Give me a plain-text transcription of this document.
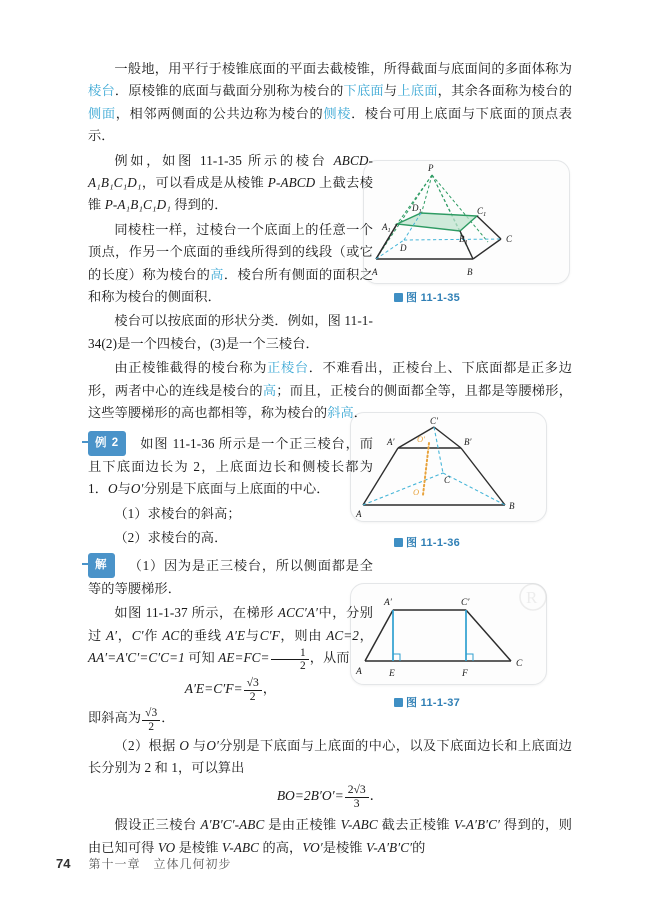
P
A	B
C
D
$A_1$
$B_1$
$C_1$
$D_1$
图 11-1-35
A
B
C
A′	B′
C′
O′
O
图 11-1-36
A
C
A′	C′
E	F
图 11-1-37
R

一般地，用平行于棱锥底面的平面去截棱锥，所得截面与底面间的多面体称为棱台．原棱锥的底面与截面分别称为棱台的下底面与上底面，其余各面称为棱台的侧面，相邻两侧面的公共边称为棱台的侧棱．棱台可用上底面与下底面的顶点表示．

例如，如图 11-1-35 所示的棱台 ABCD-A₁B₁C₁D₁，可以看成是从棱锥 P-ABCD 上截去棱锥 P-A₁B₁C₁D₁ 得到的．

同棱柱一样，过棱台一个底面上的任意一个顶点，作另一个底面的垂线所得到的线段（或它的长度）称为棱台的高．棱台所有侧面的面积之和称为棱台的侧面积．

棱台可以按底面的形状分类．例如，图 11-1-34(2)是一个四棱台，(3)是一个三棱台．

由正棱锥截得的棱台称为正棱台．不难看出，正棱台上、下底面都是正多边形，两者中心的连线是棱台的高；而且，正棱台的侧面都全等，且都是等腰梯形，这些等腰梯形的高也都相等，称为棱台的斜高．

例 2 如图 11-1-36 所示是一个正三棱台，而且下底面边长为 2，上底面边长和侧棱长都为 1．O与O′分别是下底面与上底面的中心．

（1）求棱台的斜高；

（2）求棱台的高．

解 （1）因为是正三棱台，所以侧面都是全等的等腰梯形．

如图 11-1-37 所示，在梯形 ACC′A′中，分别过 A′，C′作 AC的垂线 A′E与C′F，则由 AC=2， AA′=A′C′=C′C=1 可知 $AE=FC= \frac{1}{2}$ ，从而

$A'E=C'F= \frac{√3}{2}$ ，

即斜高为 $\frac{√3}{2}$ ．

（2）根据 O 与O′分别是下底面与上底面的中心，以及下底面边长和上底面边长分别为 2 和 1，可以算出

$BO=2B'O'= \frac{2√3}{3}$ ．

假设正三棱台 A′B′C′-ABC 是由正棱锥 V-ABC 截去正棱锥 V-A′B′C′ 得到的，则由已知可得 VO 是棱锥 V-ABC 的高，VO′是棱锥 V-A′B′C′的

74 第十一章　立体几何初步
